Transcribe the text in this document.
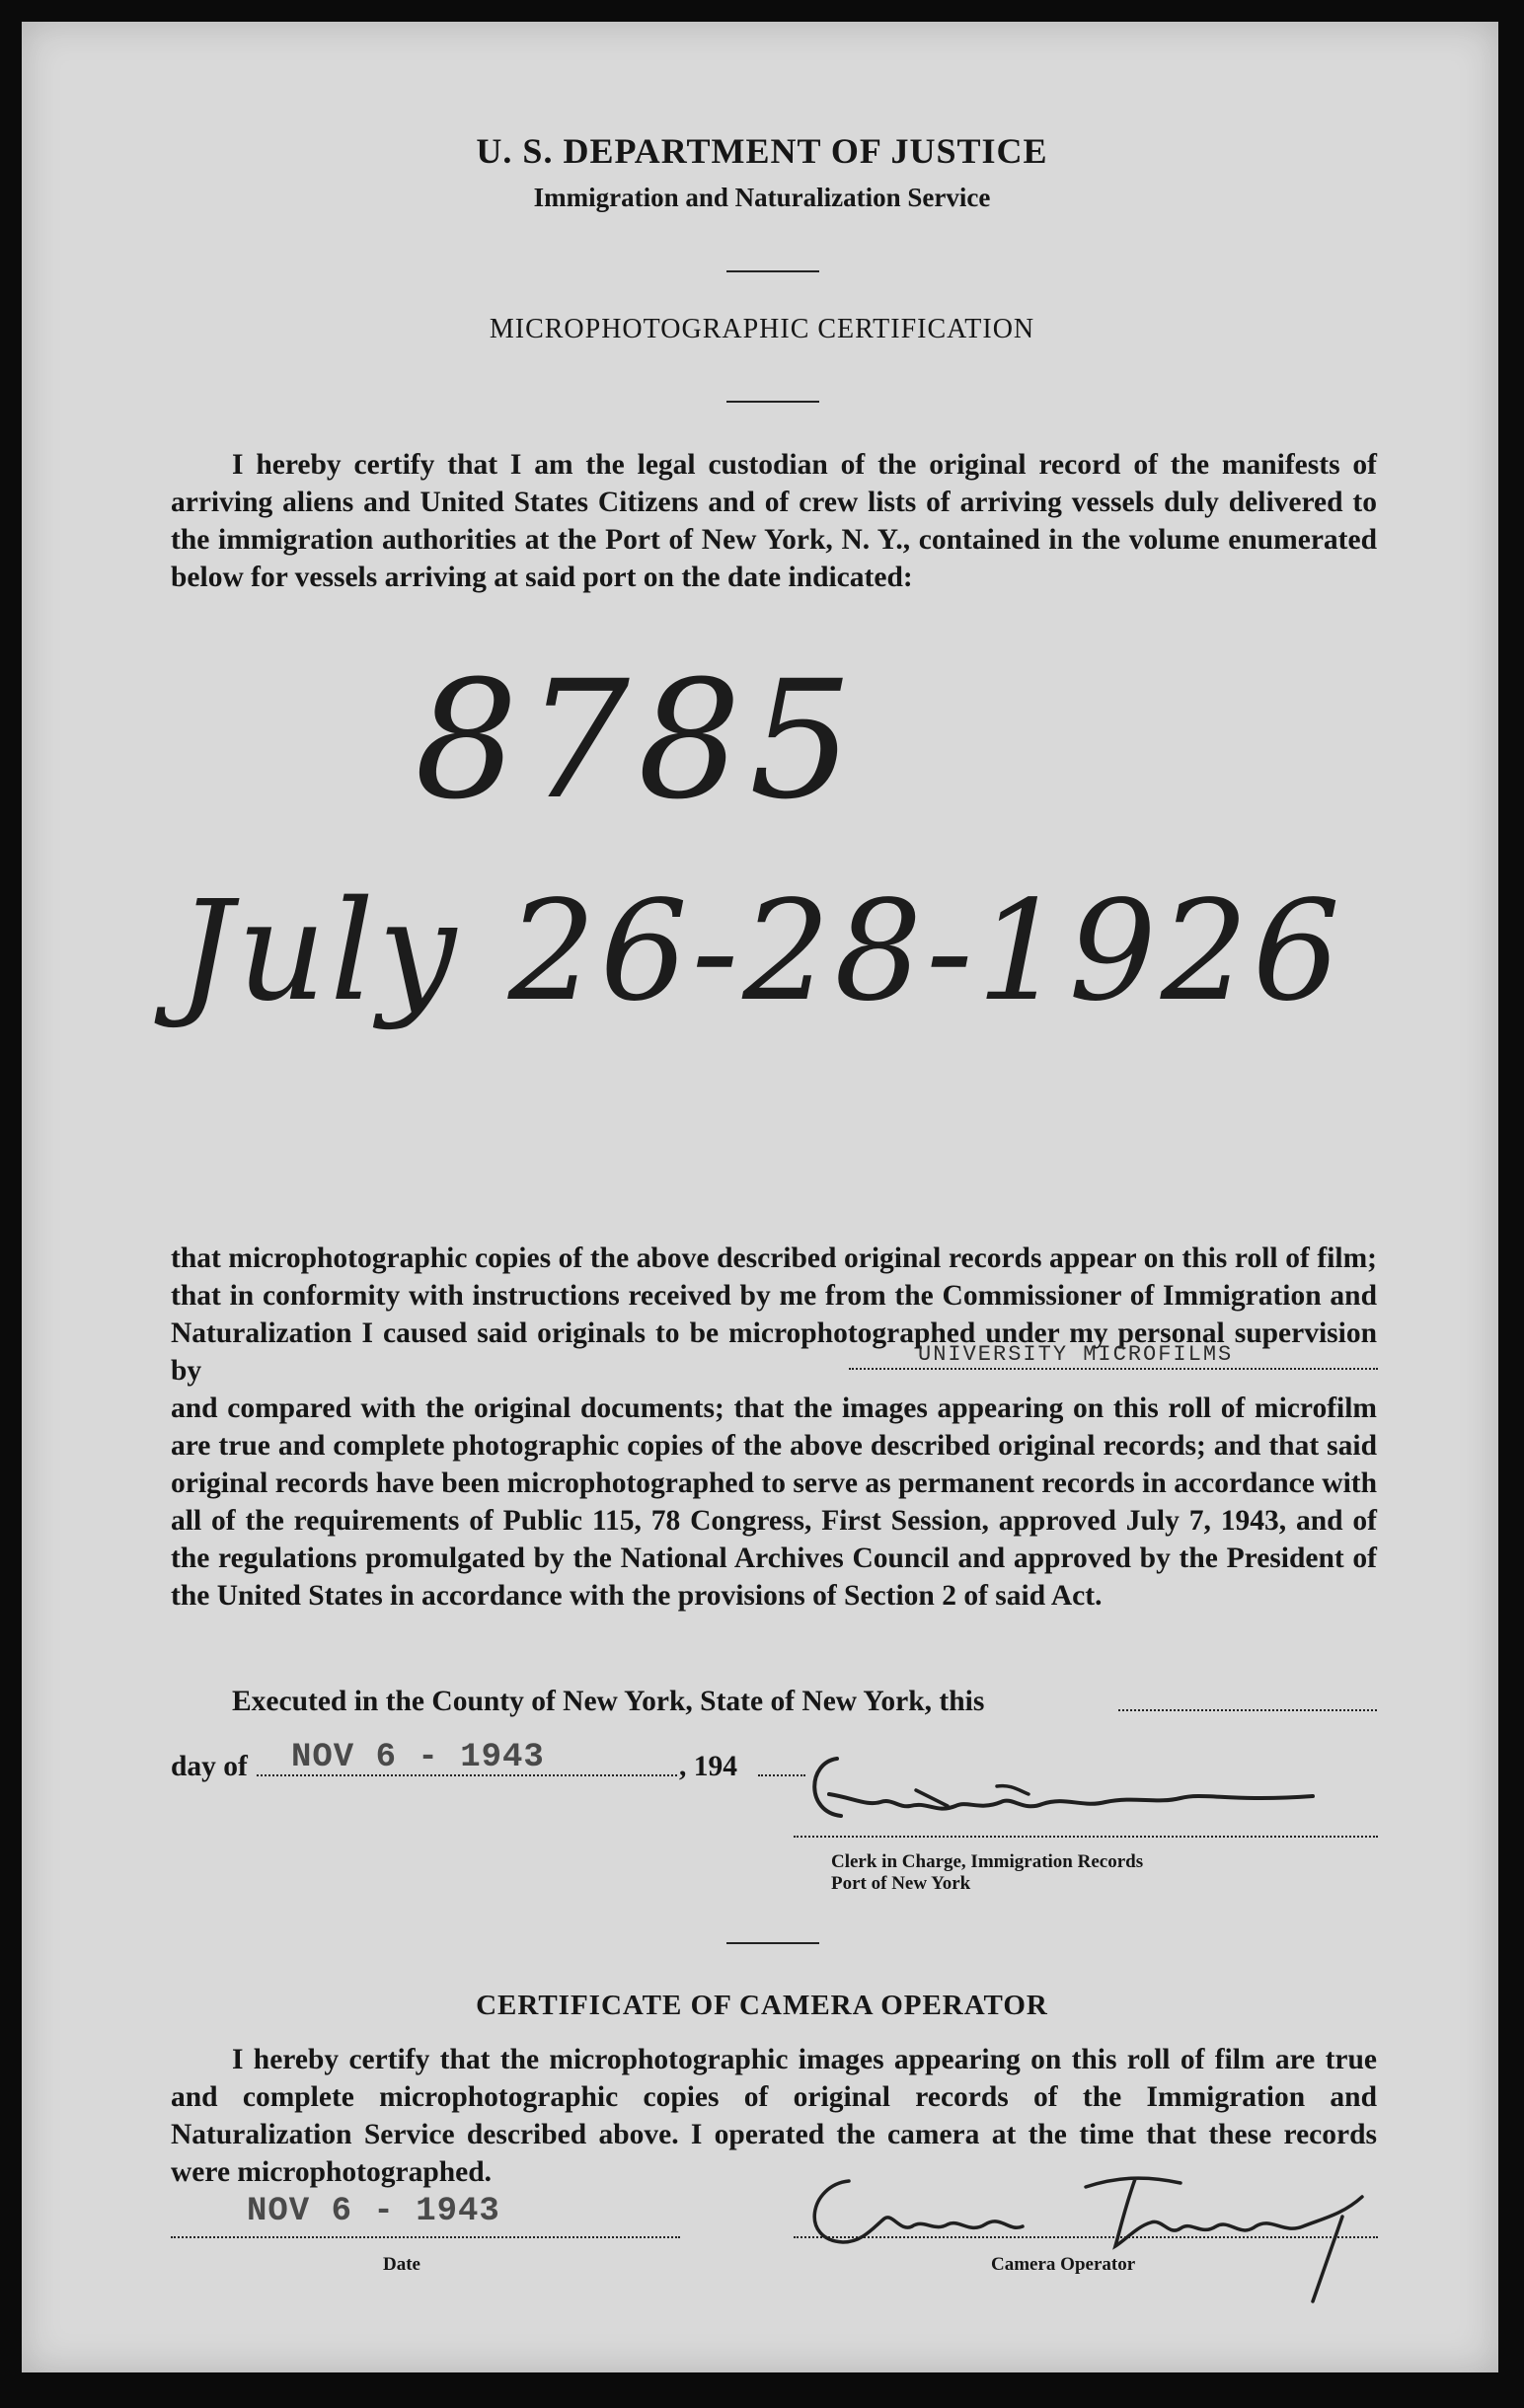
U. S. DEPARTMENT OF JUSTICE
Immigration and Naturalization Service
MICROPHOTOGRAPHIC CERTIFICATION

I hereby certify that I am the legal custodian of the original record of the manifests of arriving aliens and United States Citizens and of crew lists of arriving vessels duly delivered to the immigration authorities at the Port of New York, N. Y., contained in the volume enumerated below for vessels arriving at said port on the date indicated:

8785
July 26-28-1926

that microphotographic copies of the above described original records appear on this roll of film; that in conformity with instructions received by me from the Commissioner of Immigration and Naturalization I caused said originals to be microphotographed under my personal supervision by

UNIVERSITY MICROFILMS

and compared with the original documents; that the images appearing on this roll of microfilm are true and complete photographic copies of the above described original records; and that said original records have been microphotographed to serve as permanent records in accordance with all of the requirements of Public 115, 78 Congress, First Session, approved July 7, 1943, and of the regulations promulgated by the National Archives Council and approved by the President of the United States in accordance with the provisions of Section 2 of said Act.

Executed in the County of New York, State of New York, this
day of NOV 6 - 1943	, 194
Clerk in Charge, Immigration Records
Port of New York
CERTIFICATE OF CAMERA OPERATOR

I hereby certify that the microphotographic images appearing on this roll of film are true and complete microphotographic copies of original records of the Immigration and Naturalization Service described above. I operated the camera at the time that these records were microphotographed.

NOV 6 - 1943
Date	Camera Operator
